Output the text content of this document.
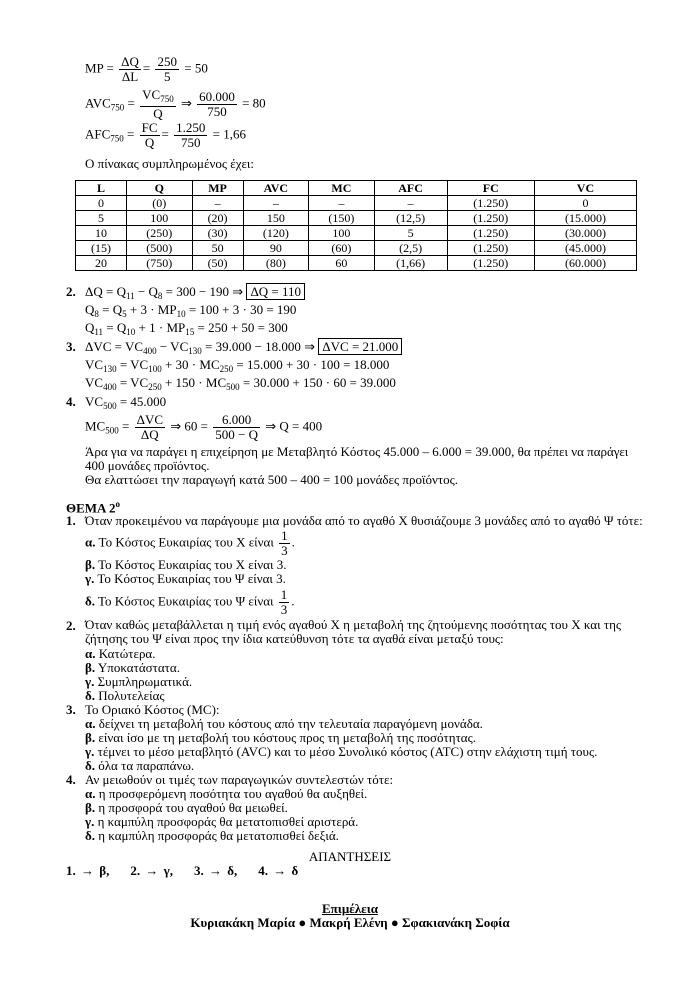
MP = $\frac{\Delta Q}{\Delta L} = \frac{250}{5} = 50$
$AVC_{750} = \frac{VC_{750}}{Q}$ ⇒ $\frac{60.000}{750} = 80$
$AFC_{750} = \frac{FC}{Q} = \frac{1.250}{750} = 1,66$
Ο πίνακας συμπληρωμένος έχει:
L	Q	MP	AVC	MC	AFC	FC	VC
0	(0)	–	–	–	–	(1.250)	0
5	100	(20)	150	(150)	(12,5)	(1.250)	(15.000)
10	(250)	(30)	(120)	100	5	(1.250)	(30.000)
(15)	(500)	50	90	(60)	(2,5)	(1.250)	(45.000)
20	(750)	(50)	(80)	60	(1,66)	(1.250)	(60.000)
2. $\Delta Q = Q_{11} - Q_8 = 300 - 190$ ⇒ ΔQ = 110
$Q_8 = Q_5 + 3 \cdot MP_{10} = 100 + 3 \cdot 30 = 190$
$Q_{11} = Q_{10} + 1 \cdot MP_{15} = 250 + 50 = 300$
3. $\Delta VC = VC_{400} - VC_{130} = 39.000 - 18.000$ ⇒ ΔVC = 21.000
$VC_{130} = VC_{100} + 30 \cdot MC_{250} = 15.000 + 30 \cdot 100 = 18.000$
$VC_{400} = VC_{250} + 150 \cdot MC_{500} = 30.000 + 150 \cdot 60 = 39.000$
4. $VC_{500} = 45.000$
$MC_{500} = \frac{\text{ΔVC}}{\Delta Q}$ ⇒ $60 = \frac{6.000}{500 - Q}$ ⇒ Q = 400
Άρα για να παράγει η επιχείρηση με Μεταβλητό Κόστος 45.000 – 6.000 = 39.000, θα πρέπει να παράγει 400 μονάδες προϊόντος.
Θα ελαττώσει την παραγωγή κατά 500 – 400 = 100 μονάδες προϊόντος.
ΘΕΜΑ $2^o$
1. Όταν προκειμένου να παράγουμε μια μονάδα από το αγαθό Χ θυσιάζουμε 3 μονάδες από το αγαθό Ψ τότε:
α. Το Κόστος Ευκαιρίας του Χ είναι $\frac{1}{3}$ .
β. Το Κόστος Ευκαιρίας του Χ είναι 3.
γ. Το Κόστος Ευκαιρίας του Ψ είναι 3.
δ. Το Κόστος Ευκαιρίας του Ψ είναι $\frac{1}{3}$ .
2. Όταν καθώς μεταβάλλεται η τιμή ενός αγαθού Χ η μεταβολή της ζητούμενης ποσότητας του Χ και της ζήτησης του Ψ είναι προς την ίδια κατεύθυνση τότε τα αγαθά είναι μεταξύ τους:
α. Κατώτερα.
β. Υποκατάστατα.
γ. Συμπληρωματικά.
δ. Πολυτελείας
3. Το Οριακό Κόστος (MC):
α. δείχνει τη μεταβολή του κόστους από την τελευταία παραγόμενη μονάδα.
β. είναι ίσο με τη μεταβολή του κόστους προς τη μεταβολή της ποσότητας.
γ. τέμνει το μέσο μεταβλητό (AVC) και το μέσο Συνολικό κόστος (ATC) στην ελάχιστη τιμή τους.
δ. όλα τα παραπάνω.
4. Αν μειωθούν οι τιμές των παραγωγικών συντελεστών τότε:
α. η προσφερόμενη ποσότητα του αγαθού θα αυξηθεί.
β. η προσφορά του αγαθού θα μειωθεί.
γ. η καμπύλη προσφοράς θα μετατοπισθεί αριστερά.
δ. η καμπύλη προσφοράς θα μετατοπισθεί δεξιά.
ΑΠΑΝΤΗΣΕΙΣ
1. → β, 2. → γ, 3. → δ, 4. → δ
Επιμέλεια
Κυριακάκη Μαρία ● Μακρή Ελένη ● Σφακιανάκη Σοφία
